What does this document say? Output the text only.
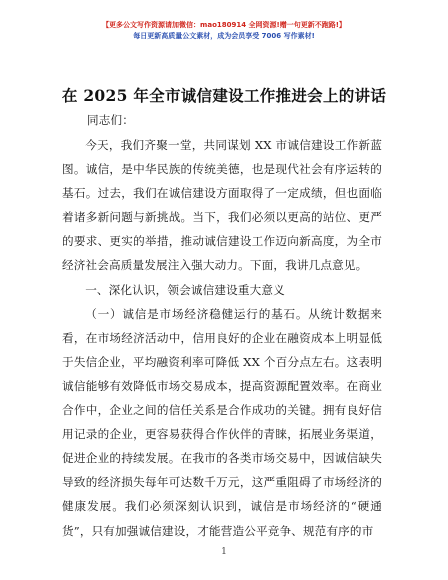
【更多公文写作资源请加微信：mao180914 全网资源!赠一句更新不跑路!】
每日更新高质量公文素材，成为会员享受 7006 写作素材!
在 2025 年全市诚信建设工作推进会上的讲话
同志们：

今天，我们齐聚一堂，共同谋划 XX 市诚信建设工作新蓝图。诚信，是中华民族的传统美德，也是现代社会有序运转的基石。过去，我们在诚信建设方面取得了一定成绩，但也面临着诸多新问题与新挑战。当下，我们必须以更高的站位、更严的要求、更实的举措，推动诚信建设工作迈向新高度，为全市经济社会高质量发展注入强大动力。下面，我讲几点意见。

一、深化认识，领会诚信建设重大意义

（一）诚信是市场经济稳健运行的基石。从统计数据来看，在市场经济活动中，信用良好的企业在融资成本上明显低于失信企业，平均融资利率可降低 XX 个百分点左右。这表明诚信能够有效降低市场交易成本，提高资源配置效率。在商业合作中，企业之间的信任关系是合作成功的关键。拥有良好信用记录的企业，更容易获得合作伙伴的青睐，拓展业务渠道，促进企业的持续发展。在我市的各类市场交易中，因诚信缺失导致的经济损失每年可达数千万元，这严重阻碍了市场经济的健康发展。我们必须深刻认识到，诚信是市场经济的“硬通货”，只有加强诚信建设，才能营造公平竞争、规范有序的市

1
